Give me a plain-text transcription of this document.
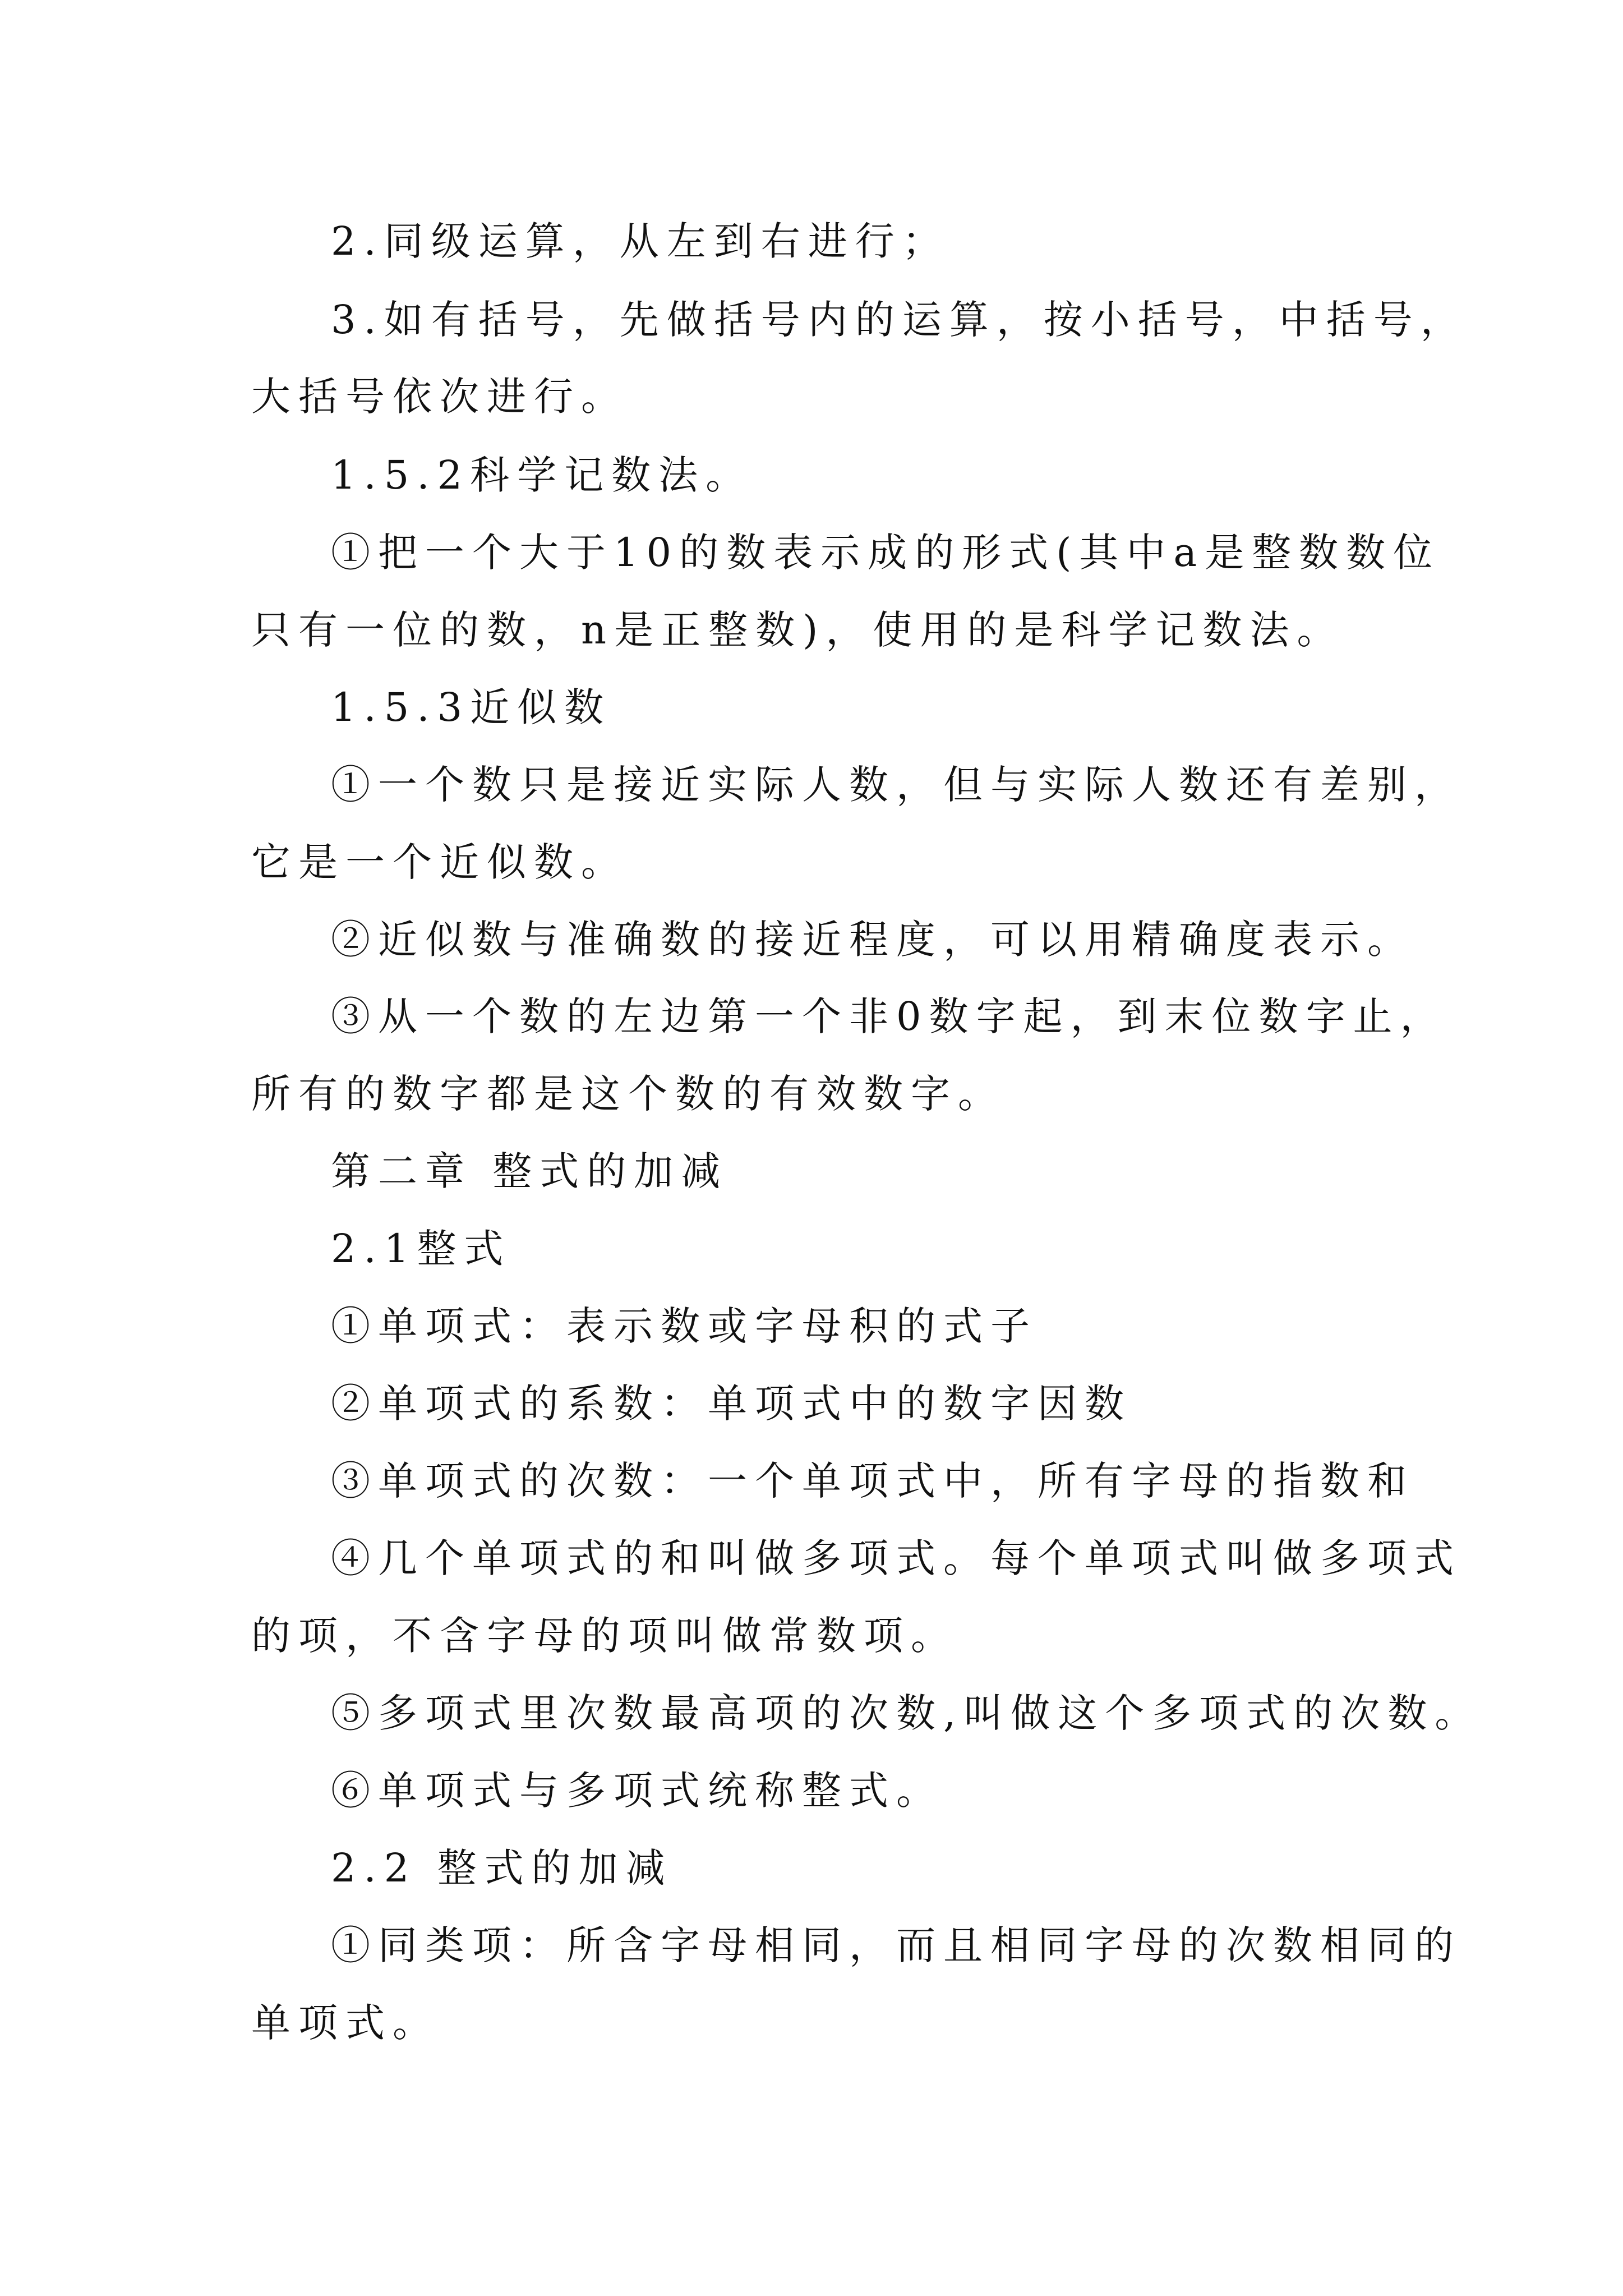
2.同级运算，从左到右进行；
3.如有括号，先做括号内的运算，按小括号，中括号，
大括号依次进行。
1.5.2科学记数法。
①把一个大于10的数表示成的形式(其中a是整数数位
只有一位的数，n是正整数)，使用的是科学记数法。
1.5.3近似数
①一个数只是接近实际人数，但与实际人数还有差别，
它是一个近似数。
②近似数与准确数的接近程度，可以用精确度表示。
③从一个数的左边第一个非0数字起，到末位数字止，
所有的数字都是这个数的有效数字。
第二章 整式的加减
2.1整式
①单项式：表示数或字母积的式子
②单项式的系数：单项式中的数字因数
③单项式的次数：一个单项式中，所有字母的指数和
④几个单项式的和叫做多项式。每个单项式叫做多项式
的项，不含字母的项叫做常数项。
⑤多项式里次数最高项的次数,叫做这个多项式的次数。
⑥单项式与多项式统称整式。
2.2 整式的加减
①同类项：所含字母相同，而且相同字母的次数相同的
单项式。
